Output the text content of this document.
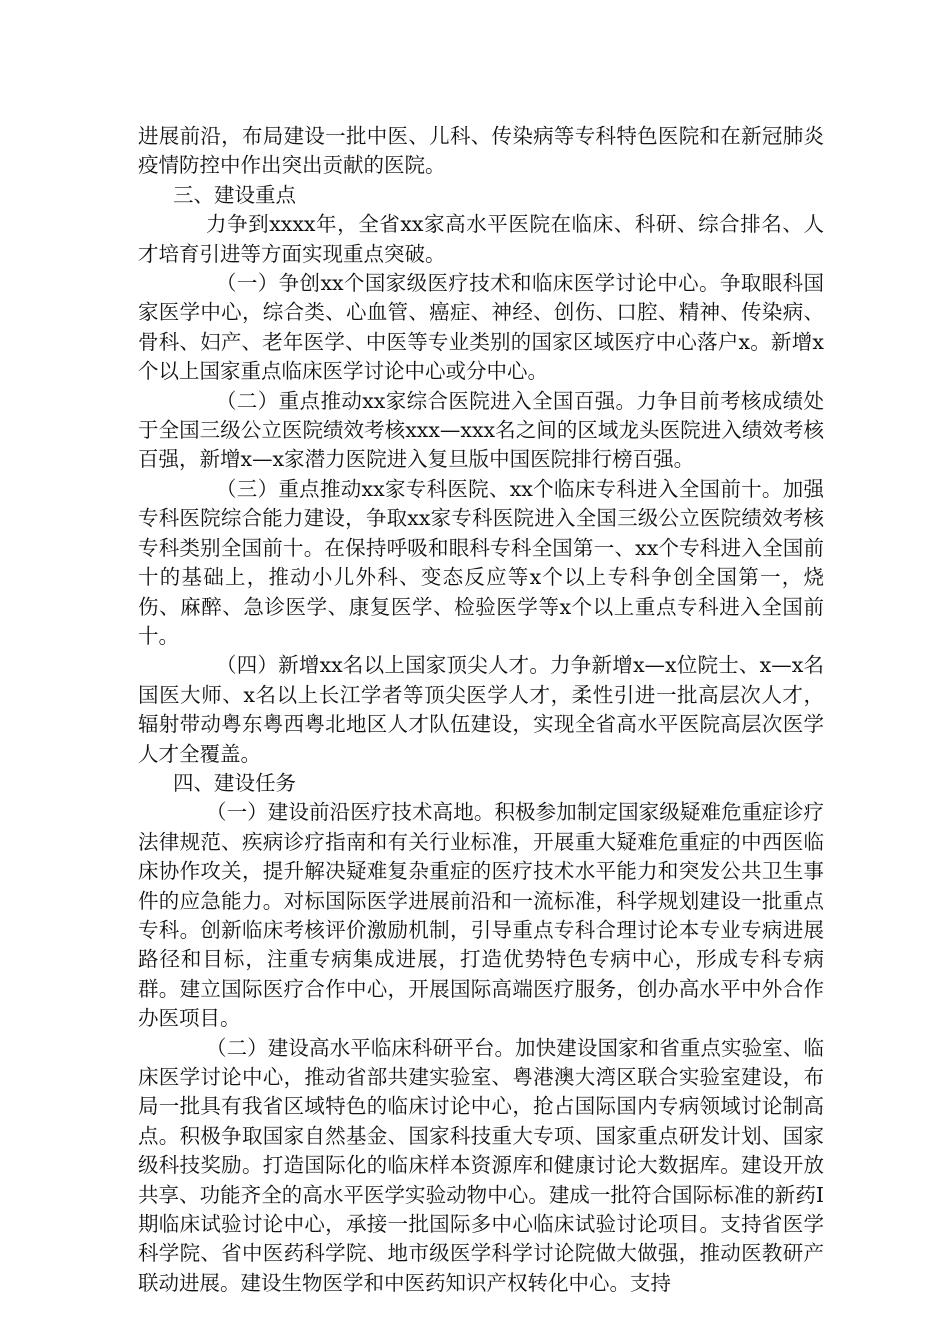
进展前沿，布局建设一批中医、儿科、传染病等专科特色医院和在新冠肺炎疫情防控中作出突出贡献的医院。

三、建设重点

力争到xxxx年，全省xx家高水平医院在临床、科研、综合排名、人才培育引进等方面实现重点突破。

（一）争创xx个国家级医疗技术和临床医学讨论中心。争取眼科国家医学中心，综合类、心血管、癌症、神经、创伤、口腔、精神、传染病、骨科、妇产、老年医学、中医等专业类别的国家区域医疗中心落户x。新增x个以上国家重点临床医学讨论中心或分中心。

（二）重点推动xx家综合医院进入全国百强。力争目前考核成绩处于全国三级公立医院绩效考核xxx—xxx名之间的区域龙头医院进入绩效考核百强，新增x—x家潜力医院进入复旦版中国医院排行榜百强。

（三）重点推动xx家专科医院、xx个临床专科进入全国前十。加强专科医院综合能力建设，争取xx家专科医院进入全国三级公立医院绩效考核专科类别全国前十。在保持呼吸和眼科专科全国第一、xx个专科进入全国前十的基础上，推动小儿外科、变态反应等x个以上专科争创全国第一，烧伤、麻醉、急诊医学、康复医学、检验医学等x个以上重点专科进入全国前十。

（四）新增xx名以上国家顶尖人才。力争新增x—x位院士、x—x名国医大师、x名以上长江学者等顶尖医学人才，柔性引进一批高层次人才，辐射带动粤东粤西粤北地区人才队伍建设，实现全省高水平医院高层次医学人才全覆盖。

四、建设任务

（一）建设前沿医疗技术高地。积极参加制定国家级疑难危重症诊疗法律规范、疾病诊疗指南和有关行业标准，开展重大疑难危重症的中西医临床协作攻关，提升解决疑难复杂重症的医疗技术水平能力和突发公共卫生事件的应急能力。对标国际医学进展前沿和一流标准，科学规划建设一批重点专科。创新临床考核评价激励机制，引导重点专科合理讨论本专业专病进展路径和目标，注重专病集成进展，打造优势特色专病中心，形成专科专病群。建立国际医疗合作中心，开展国际高端医疗服务，创办高水平中外合作办医项目。

（二）建设高水平临床科研平台。加快建设国家和省重点实验室、临床医学讨论中心，推动省部共建实验室、粤港澳大湾区联合实验室建设，布局一批具有我省区域特色的临床讨论中心，抢占国际国内专病领域讨论制高点。积极争取国家自然基金、国家科技重大专项、国家重点研发计划、国家级科技奖励。打造国际化的临床样本资源库和健康讨论大数据库。建设开放共享、功能齐全的高水平医学实验动物中心。建成一批符合国际标准的新药Ⅰ期临床试验讨论中心，承接一批国际多中心临床试验讨论项目。支持省医学科学院、省中医药科学院、地市级医学科学讨论院做大做强，推动医教研产联动进展。建设生物医学和中医药知识产权转化中心。支持
